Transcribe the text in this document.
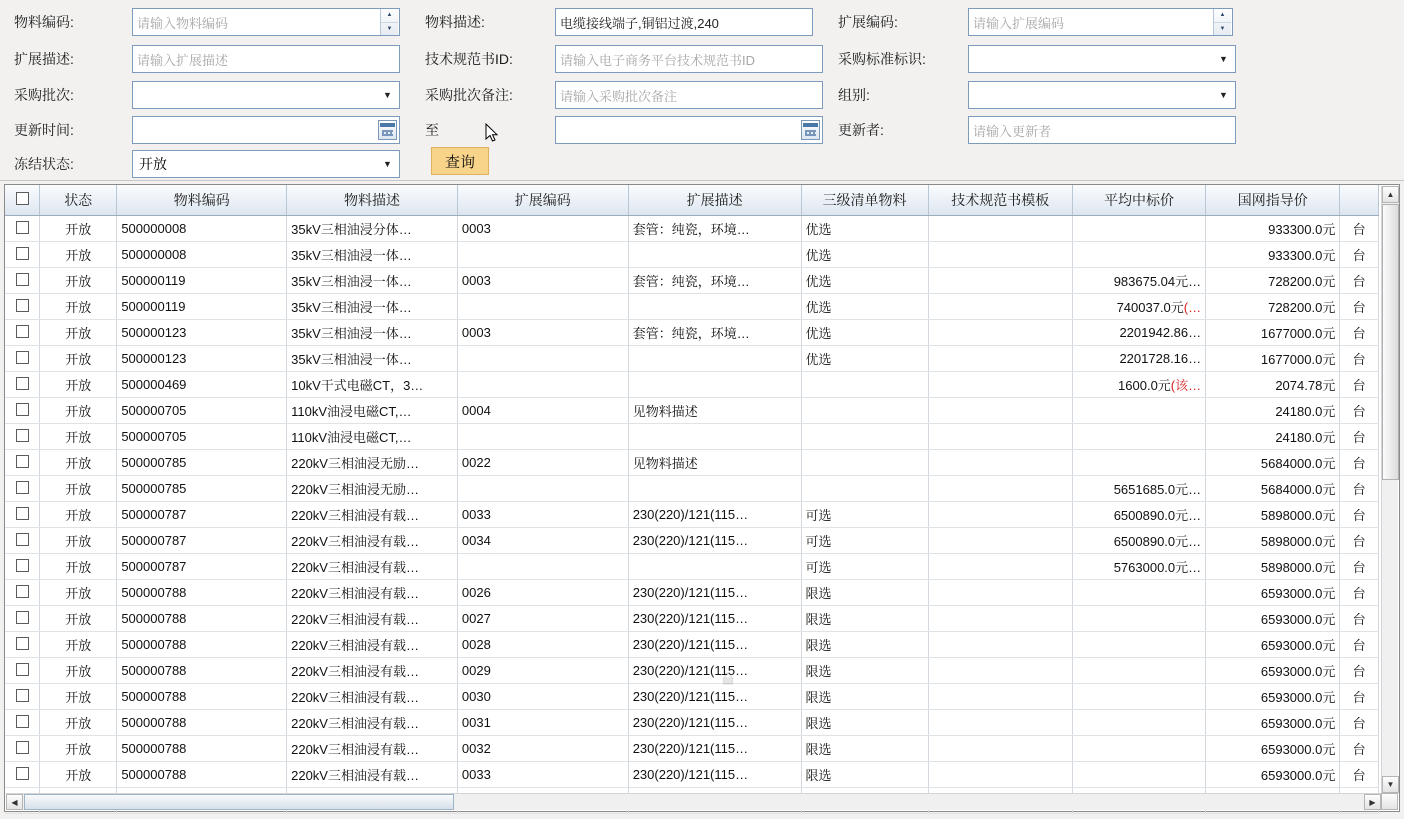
物料编码:	请输入物料编码
▲
▼	物料描述:	电缆接线端子,铜铝过渡,240	扩展编码:	请输入扩展编码
▲
▼
扩展描述:	请输入扩展描述	技术规范书ID:	请输入电子商务平台技术规范书ID	采购标准标识:	▼
采购批次:	▼	采购批次备注:	请输入采购批次备注	组别:	▼
更新时间:	至	更新者:	请输入更新者
冻结状态:	开放	▼	查询
	状态	物料编码	物料描述	扩展编码	扩展描述	三级清单物料	技术规范书模板	平均中标价	国网指导价	
	开放	500000008	35kV三相油浸分体…	0003	套管：纯瓷，环境…	优选			933300.0元	台
	开放	500000008	35kV三相油浸一体…			优选			933300.0元	台
	开放	500000119	35kV三相油浸一体…	0003	套管：纯瓷，环境…	优选		983675.04元…	728200.0元	台
	开放	500000119	35kV三相油浸一体…			优选		740037.0元(…	728200.0元	台
	开放	500000123	35kV三相油浸一体…	0003	套管：纯瓷，环境…	优选		2201942.86…	1677000.0元	台
	开放	500000123	35kV三相油浸一体…			优选		2201728.16…	1677000.0元	台
	开放	500000469	10kV干式电磁CT，3…					1600.0元(该…	2074.78元	台
	开放	500000705	110kV油浸电磁CT,…	0004	见物料描述				24180.0元	台
	开放	500000705	110kV油浸电磁CT,…						24180.0元	台
	开放	500000785	220kV三相油浸无励…	0022	见物料描述				5684000.0元	台
	开放	500000785	220kV三相油浸无励…					5651685.0元…	5684000.0元	台
	开放	500000787	220kV三相油浸有载…	0033	230(220)/121(115…	可选		6500890.0元…	5898000.0元	台
	开放	500000787	220kV三相油浸有载…	0034	230(220)/121(115…	可选		6500890.0元…	5898000.0元	台
	开放	500000787	220kV三相油浸有载…			可选		5763000.0元…	5898000.0元	台
	开放	500000788	220kV三相油浸有载…	0026	230(220)/121(115…	限选			6593000.0元	台
	开放	500000788	220kV三相油浸有载…	0027	230(220)/121(115…	限选			6593000.0元	台
	开放	500000788	220kV三相油浸有载…	0028	230(220)/121(115…	限选			6593000.0元	台
	开放	500000788	220kV三相油浸有载…	0029	230(220)/121(115…	限选			6593000.0元	台
	开放	500000788	220kV三相油浸有载…	0030	230(220)/121(115…	限选			6593000.0元	台
	开放	500000788	220kV三相油浸有载…	0031	230(220)/121(115…	限选			6593000.0元	台
	开放	500000788	220kV三相油浸有载…	0032	230(220)/121(115…	限选			6593000.0元	台
	开放	500000788	220kV三相油浸有载…	0033	230(220)/121(115…	限选			6593000.0元	台

▲
▼
◀	▶
